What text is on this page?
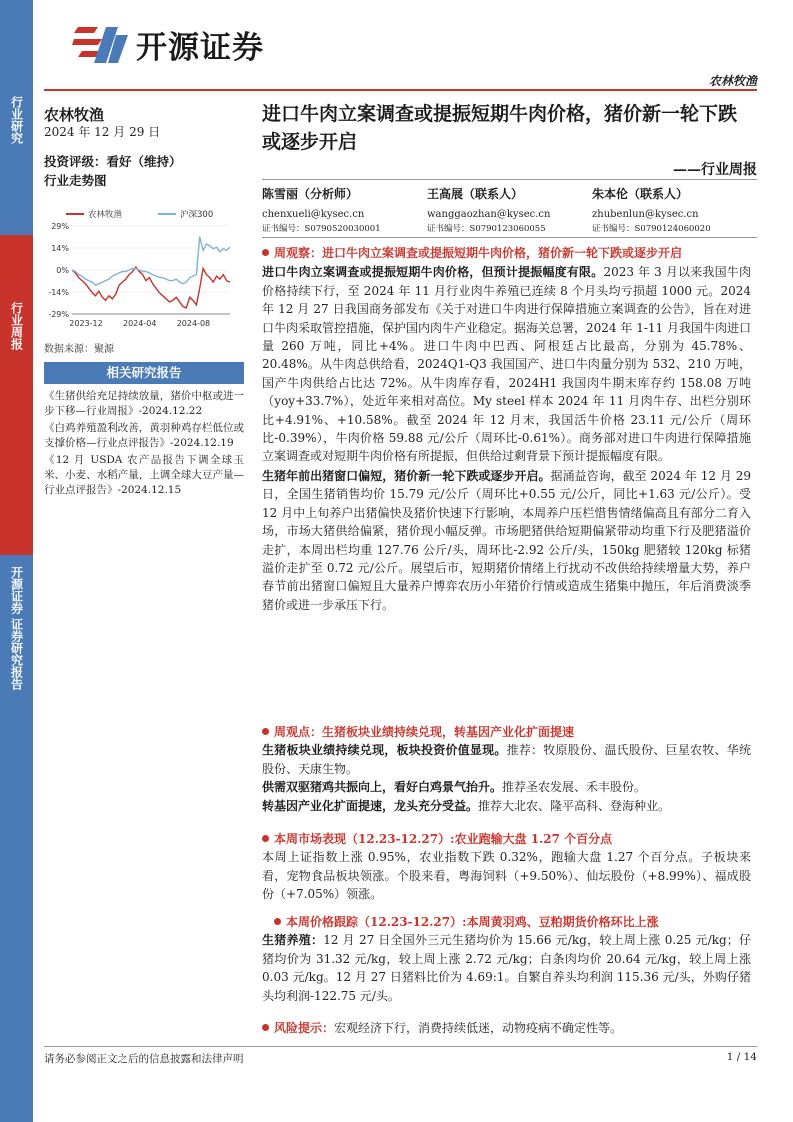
行业研究
行业周报
开源证券 证券研究报告
开源证券
农林牧渔
农林牧渔
2024 年 12 月 29 日
投资评级：看好（维持）
行业走势图
农林牧渔	沪深300
29%
14%
0%
-14%
-29%
2023-12	2024-04	2024-08
数据来源：聚源
相关研究报告

《生猪供给充足持续放量，猪价中枢或进一步下移—行业周报》-2024.12.22

《白鸡养殖盈利改善，黄羽种鸡存栏低位或支撑价格—行业点评报告》-2024.12.19

《12 月 USDA 农产品报告下调全球玉米、小麦、水稻产量，上调全球大豆产量—行业点评报告》-2024.12.15

进口牛肉立案调查或提振短期牛肉价格，猪价新一轮下跌或逐步开启
——行业周报
陈雪丽（分析师）
chenxueli@kysec.cn
证书编号：S0790520030001
王高展（联系人）
wanggaozhan@kysec.cn
证书编号：S0790123060055
朱本伦（联系人）
zhubenlun@kysec.cn
证书编号：S0790124060020
周观察：进口牛肉立案调查或提振短期牛肉价格，猪价新一轮下跌或逐步开启
进口牛肉立案调查或提振短期牛肉价格，但预计提振幅度有限。2023 年 3 月以来我国牛肉价格持续下行，至 2024 年 11 月行业肉牛养殖已连续 8 个月头均亏损超 1000 元。2024 年 12 月 27 日我国商务部发布《关于对进口牛肉进行保障措施立案调查的公告》，旨在对进口牛肉采取管控措施，保护国内肉牛产业稳定。据海关总署，2024 年 1-11 月我国牛肉进口量 260 万吨，同比+4%。进口牛肉中巴西、阿根廷占比最高，分别为 45.78%、20.48%。从牛肉总供给看，2024Q1-Q3 我国国产、进口牛肉量分别为 532、210 万吨，国产牛肉供给占比达 72%。从牛肉库存看，2024H1 我国肉牛期末库存约 158.08 万吨（yoy+33.7%），处近年来相对高位。My steel 样本 2024 年 11 月肉牛存、出栏分别环比+4.91%、+10.58%。截至 2024 年 12 月末，我国活牛价格 23.11 元/公斤（周环比-0.39%），牛肉价格 59.88 元/公斤（周环比-0.61%）。商务部对进口牛肉进行保障措施立案调查或对短期牛肉价格有所提振，但供给过剩背景下预计提振幅度有限。
生猪年前出猪窗口偏短，猪价新一轮下跌或逐步开启。据涌益咨询，截至 2024 年 12 月 29 日，全国生猪销售均价 15.79 元/公斤（周环比+0.55 元/公斤，同比+1.63 元/公斤）。受 12 月中上旬养户出猪偏快及猪价快速下行影响，本周养户压栏惜售情绪偏高且有部分二育入场，市场大猪供给偏紧，猪价现小幅反弹。市场肥猪供给短期偏紧带动均重下行及肥猪溢价走扩，本周出栏均重 127.76 公斤/头，周环比-2.92 公斤/头，150kg 肥猪较 120kg 标猪溢价走扩至 0.72 元/公斤。展望后市，短期猪价情绪上行扰动不改供给持续增量大势，养户春节前出猪窗口偏短且大量养户博弈农历小年猪价行情或造成生猪集中抛压，年后消费淡季猪价或进一步承压下行。
周观点：生猪板块业绩持续兑现，转基因产业化扩面提速
生猪板块业绩持续兑现，板块投资价值显现。推荐：牧原股份、温氏股份、巨星农牧、华统股份、天康生物。
供需双驱猪鸡共振向上，看好白鸡景气抬升。推荐圣农发展、禾丰股份。
转基因产业化扩面提速，龙头充分受益。推荐大北农、隆平高科、登海种业。
本周市场表现（12.23-12.27）:农业跑输大盘 1.27 个百分点
本周上证指数上涨 0.95%，农业指数下跌 0.32%，跑输大盘 1.27 个百分点。子板块来看，宠物食品板块领涨。个股来看，粤海饲料（+9.50%）、仙坛股份（+8.99%）、福成股份（+7.05%）领涨。
本周价格跟踪（12.23-12.27）:本周黄羽鸡、豆粕期货价格环比上涨
生猪养殖：12 月 27 日全国外三元生猪均价为 15.66 元/kg，较上周上涨 0.25 元/kg；仔猪均价为 31.32 元/kg，较上周上涨 2.72 元/kg；白条肉均价 20.64 元/kg，较上周上涨 0.03 元/kg。12 月 27 日猪料比价为 4.69:1。自繁自养头均利润 115.36 元/头，外购仔猪头均利润-122.75 元/头。
风险提示：宏观经济下行，消费持续低迷，动物疫病不确定性等。
请务必参阅正文之后的信息披露和法律声明	1 / 14
